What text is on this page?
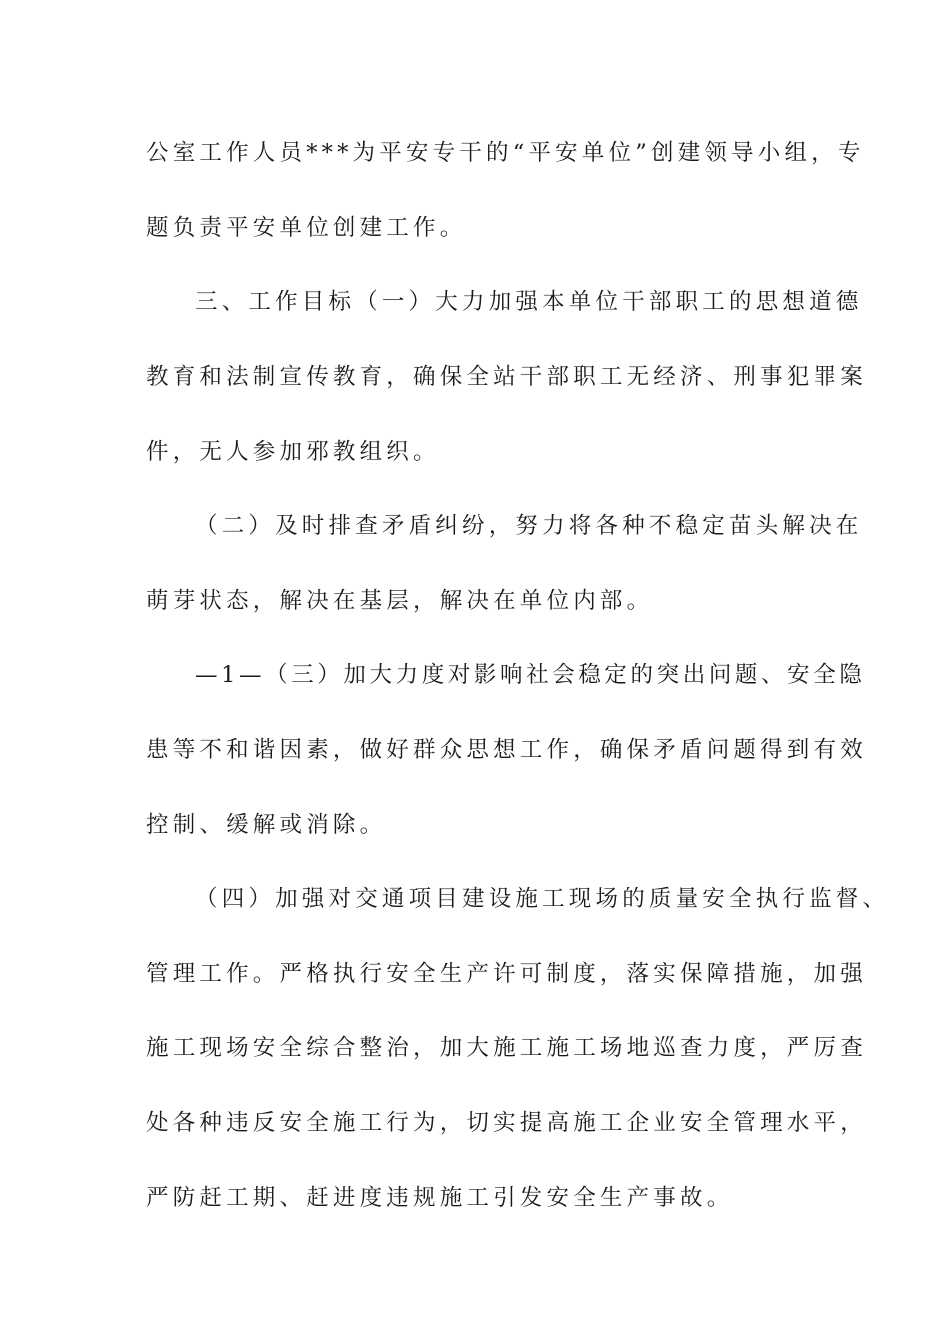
公室工作人员***为平安专干的“平安单位”创建领导小组，专
题负责平安单位创建工作。
三、工作目标（一）大力加强本单位干部职工的思想道德
教育和法制宣传教育，确保全站干部职工无经济、刑事犯罪案
件，无人参加邪教组织。
（二）及时排查矛盾纠纷，努力将各种不稳定苗头解决在
萌芽状态，解决在基层，解决在单位内部。
—1—（三）加大力度对影响社会稳定的突出问题、安全隐
患等不和谐因素，做好群众思想工作，确保矛盾问题得到有效
控制、缓解或消除。
（四）加强对交通项目建设施工现场的质量安全执行监督、
管理工作。严格执行安全生产许可制度，落实保障措施，加强
施工现场安全综合整治，加大施工施工场地巡查力度，严厉查
处各种违反安全施工行为，切实提高施工企业安全管理水平，
严防赶工期、赶进度违规施工引发安全生产事故。
